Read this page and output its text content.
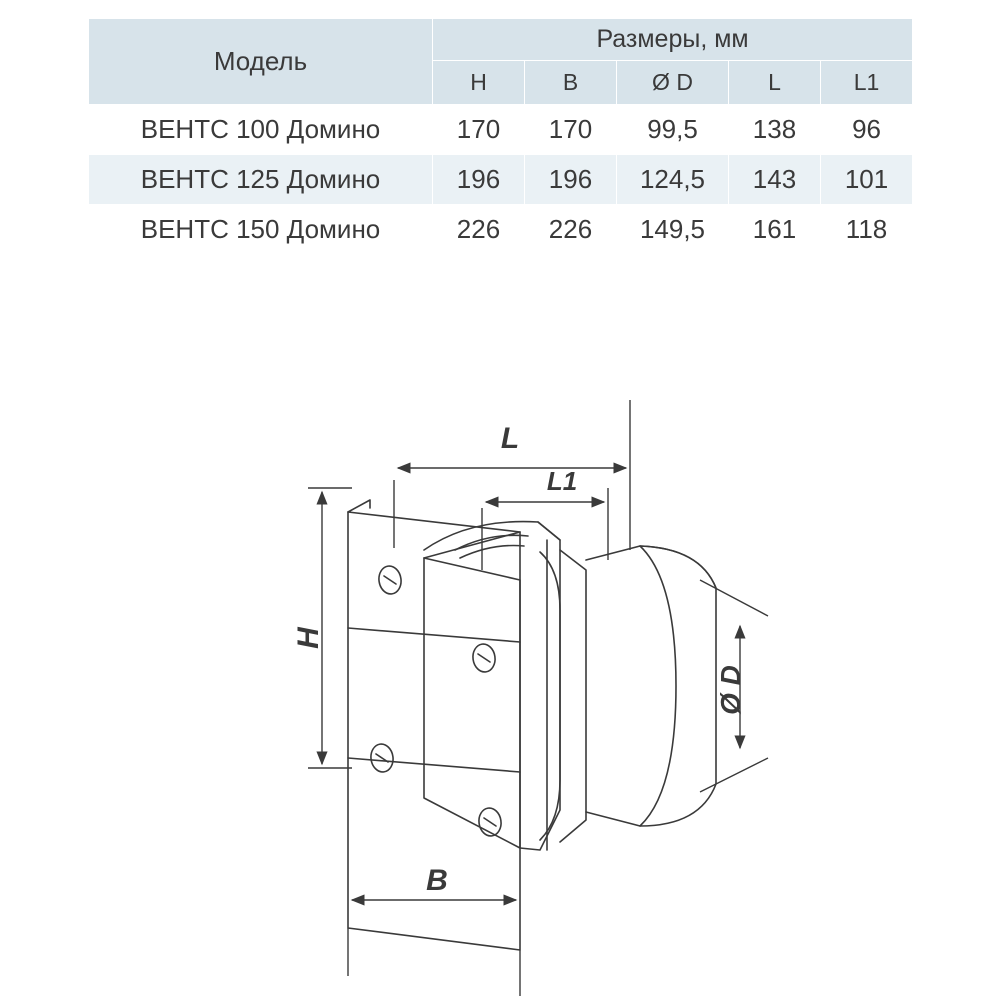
Модель	Размеры, мм				
	H	B	Ø D	L	L1
ВЕНТС 100 Домино	170	170	99,5	138	96
ВЕНТС 125 Домино	196	196	124,5	143	101
ВЕНТС 150 Домино	226	226	149,5	161	118
L
L1
H
B
Ø D
